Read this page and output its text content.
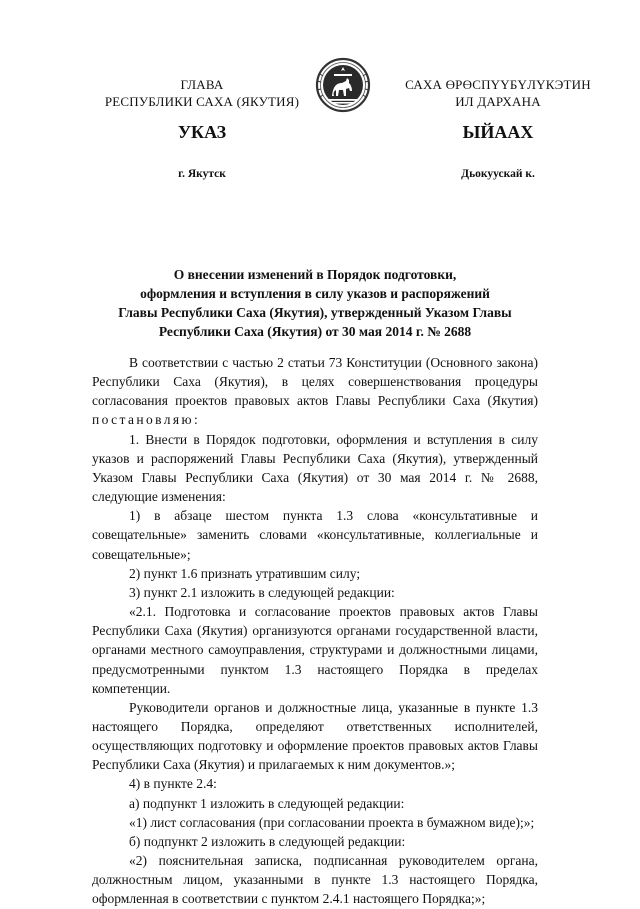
ГЛАВА
РЕСПУБЛИКИ САХА (ЯКУТИЯ)
САХА ӨРӨСПҮҮБҮЛҮКЭТИН
ИЛ ДАРХАНА
УКАЗ	ЫЙААХ
г. Якутск	Дьокуускай к.
О внесении изменений в Порядок подготовки,
оформления и вступления в силу указов и распоряжений
Главы Республики Саха (Якутия), утвержденный Указом Главы
Республики Саха (Якутия) от 30 мая 2014 г. № 2688

В соответствии с частью 2 статьи 73 Конституции (Основного закона) Республики Саха (Якутия), в целях совершенствования процедуры согласования проектов правовых актов Главы Республики Саха (Якутия) постановляю:

1. Внести в Порядок подготовки, оформления и вступления в силу указов и распоряжений Главы Республики Саха (Якутия), утвержденный Указом Главы Республики Саха (Якутия) от 30 мая 2014 г. № 2688, следующие изменения:

1) в абзаце шестом пункта 1.3 слова «консультативные и совещательные» заменить словами «консультативные, коллегиальные и совещательные»;

2) пункт 1.6 признать утратившим силу;

3) пункт 2.1 изложить в следующей редакции:

«2.1. Подготовка и согласование проектов правовых актов Главы Республики Саха (Якутия) организуются органами государственной власти, органами местного самоуправления, структурами и должностными лицами, предусмотренными пунктом 1.3 настоящего Порядка в пределах компетенции.

Руководители органов и должностные лица, указанные в пункте 1.3 настоящего Порядка, определяют ответственных исполнителей, осуществляющих подготовку и оформление проектов правовых актов Главы Республики Саха (Якутия) и прилагаемых к ним документов.»;

4) в пункте 2.4:

а) подпункт 1 изложить в следующей редакции:

«1) лист согласования (при согласовании проекта в бумажном виде);»;

б) подпункт 2 изложить в следующей редакции:

«2) пояснительная записка, подписанная руководителем органа, должностным лицом, указанными в пункте 1.3 настоящего Порядка, оформленная в соответствии с пунктом 2.4.1 настоящего Порядка;»;
